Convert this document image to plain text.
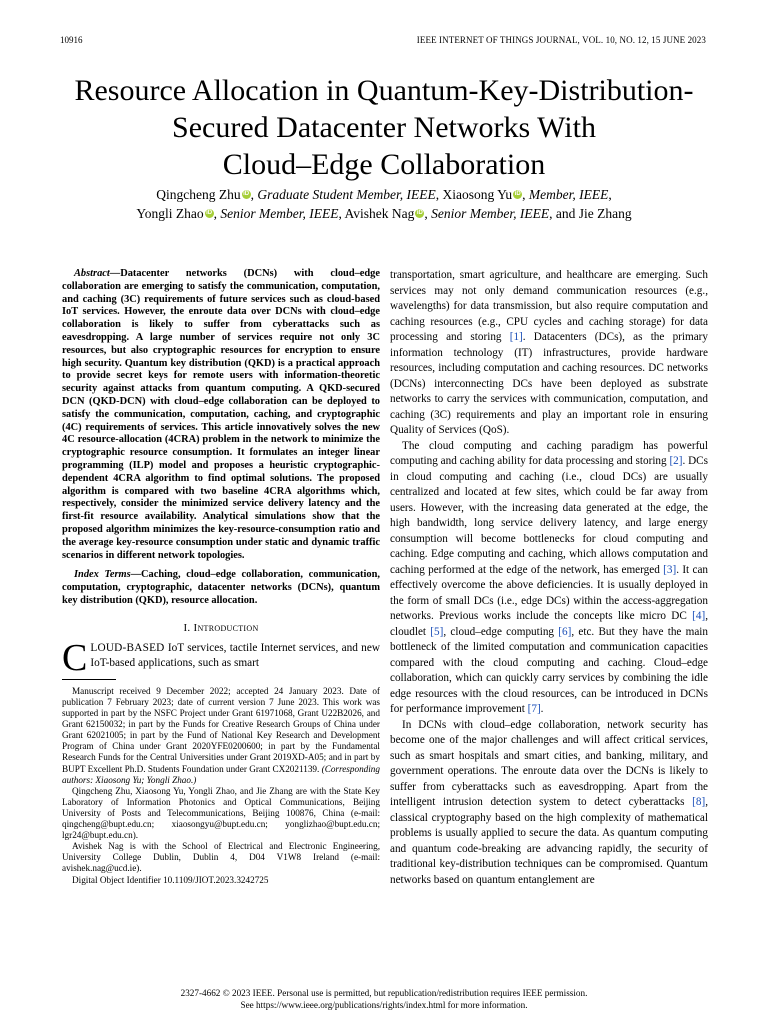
10916	IEEE INTERNET OF THINGS JOURNAL, VOL. 10, NO. 12, 15 JUNE 2023
Resource Allocation in Quantum-Key-Distribution-
Secured Datacenter Networks With
Cloud–Edge Collaboration
Qingcheng Zhu iD , Graduate Student Member, IEEE, Xiaosong Yu iD , Member, IEEE,
Yongli Zhao iD , Senior Member, IEEE, Avishek Nag iD , Senior Member, IEEE, and Jie Zhang

Abstract—Datacenter networks (DCNs) with cloud–edge collaboration are emerging to satisfy the communication, computation, and caching (3C) requirements of future services such as cloud-based IoT services. However, the enroute data over DCNs with cloud–edge collaboration is likely to suffer from cyberattacks such as eavesdropping. A large number of services require not only 3C resources, but also cryptographic resources for encryption to ensure high security. Quantum key distribution (QKD) is a practical approach to provide secret keys for remote users with information-theoretic security against attacks from quantum computing. A QKD-secured DCN (QKD-DCN) with cloud–edge collaboration can be deployed to satisfy the communication, computation, caching, and cryptographic (4C) requirements of services. This article innovatively solves the new 4C resource-allocation (4CRA) problem in the network to minimize the cryptographic resource consumption. It formulates an integer linear programming (ILP) model and proposes a heuristic cryptographic-dependent 4CRA algorithm to find optimal solutions. The proposed algorithm is compared with two baseline 4CRA algorithms which, respectively, consider the minimized service delivery latency and the first-fit resource availability. Analytical simulations show that the proposed algorithm minimizes the key-resource-consumption ratio and the average key-resource consumption under static and dynamic traffic scenarios in different network topologies.

Index Terms—Caching, cloud–edge collaboration, communication, computation, cryptographic, datacenter networks (DCNs), quantum key distribution (QKD), resource allocation.

I. Introduction

CLOUD-BASED IoT services, tactile Internet services, and new IoT-based applications, such as smart

Manuscript received 9 December 2022; accepted 24 January 2023. Date of publication 7 February 2023; date of current version 7 June 2023. This work was supported in part by the NSFC Project under Grant 61971068, Grant U22B2026, and Grant 62150032; in part by the Funds for Creative Research Groups of China under Grant 62021005; in part by the Fund of National Key Research and Development Program of China under Grant 2020YFE0200600; in part by the Fundamental Research Funds for the Central Universities under Grant 2019XD-A05; and in part by BUPT Excellent Ph.D. Students Foundation under Grant CX2021139. (Corresponding authors: Xiaosong Yu; Yongli Zhao.)

Qingcheng Zhu, Xiaosong Yu, Yongli Zhao, and Jie Zhang are with the State Key Laboratory of Information Photonics and Optical Communications, Beijing University of Posts and Telecommunications, Beijing 100876, China (e-mail: qingcheng@bupt.edu.cn; xiaosongyu@bupt.edu.cn; yonglizhao@bupt.edu.cn; lgr24@bupt.edu.cn).

Avishek Nag is with the School of Electrical and Electronic Engineering, University College Dublin, Dublin 4, D04 V1W8 Ireland (e-mail: avishek.nag@ucd.ie).

Digital Object Identifier 10.1109/JIOT.2023.3242725

transportation, smart agriculture, and healthcare are emerging. Such services may not only demand communication resources (e.g., wavelengths) for data transmission, but also require computation and caching resources (e.g., CPU cycles and caching storage) for data processing and storing [1]. Datacenters (DCs), as the primary information technology (IT) infrastructures, provide hardware resources, including computation and caching resources. DC networks (DCNs) interconnecting DCs have been deployed as substrate networks to carry the services with communication, computation, and caching (3C) requirements and play an important role in ensuring Quality of Services (QoS).

The cloud computing and caching paradigm has powerful computing and caching ability for data processing and storing [2]. DCs in cloud computing and caching (i.e., cloud DCs) are usually centralized and located at few sites, which could be far away from users. However, with the increasing data generated at the edge, the high bandwidth, long service delivery latency, and large energy consumption will become bottlenecks for cloud computing and caching. Edge computing and caching, which allows computation and caching performed at the edge of the network, has emerged [3]. It can effectively overcome the above deficiencies. It is usually deployed in the form of small DCs (i.e., edge DCs) within the access-aggregation networks. Previous works include the concepts like micro DC [4], cloudlet [5], cloud–edge computing [6], etc. But they have the main bottleneck of the limited computation and communication capacities compared with the cloud computing and caching. Cloud–edge collaboration, which can quickly carry services by combining the idle edge resources with the cloud resources, can be introduced in DCNs for performance improvement [7].

In DCNs with cloud–edge collaboration, network security has become one of the major challenges and will affect critical services, such as smart hospitals and smart cities, and banking, military, and government operations. The enroute data over the DCNs is likely to suffer from cyberattacks such as eavesdropping. Apart from the intelligent intrusion detection system to detect cyberattacks [8], classical cryptography based on the high complexity of mathematical problems is usually applied to secure the data. As quantum computing and quantum code-breaking are advancing rapidly, the security of traditional key-distribution techniques can be compromised. Quantum networks based on quantum entanglement are

2327-4662 © 2023 IEEE. Personal use is permitted, but republication/redistribution requires IEEE permission.
See https://www.ieee.org/publications/rights/index.html for more information.
